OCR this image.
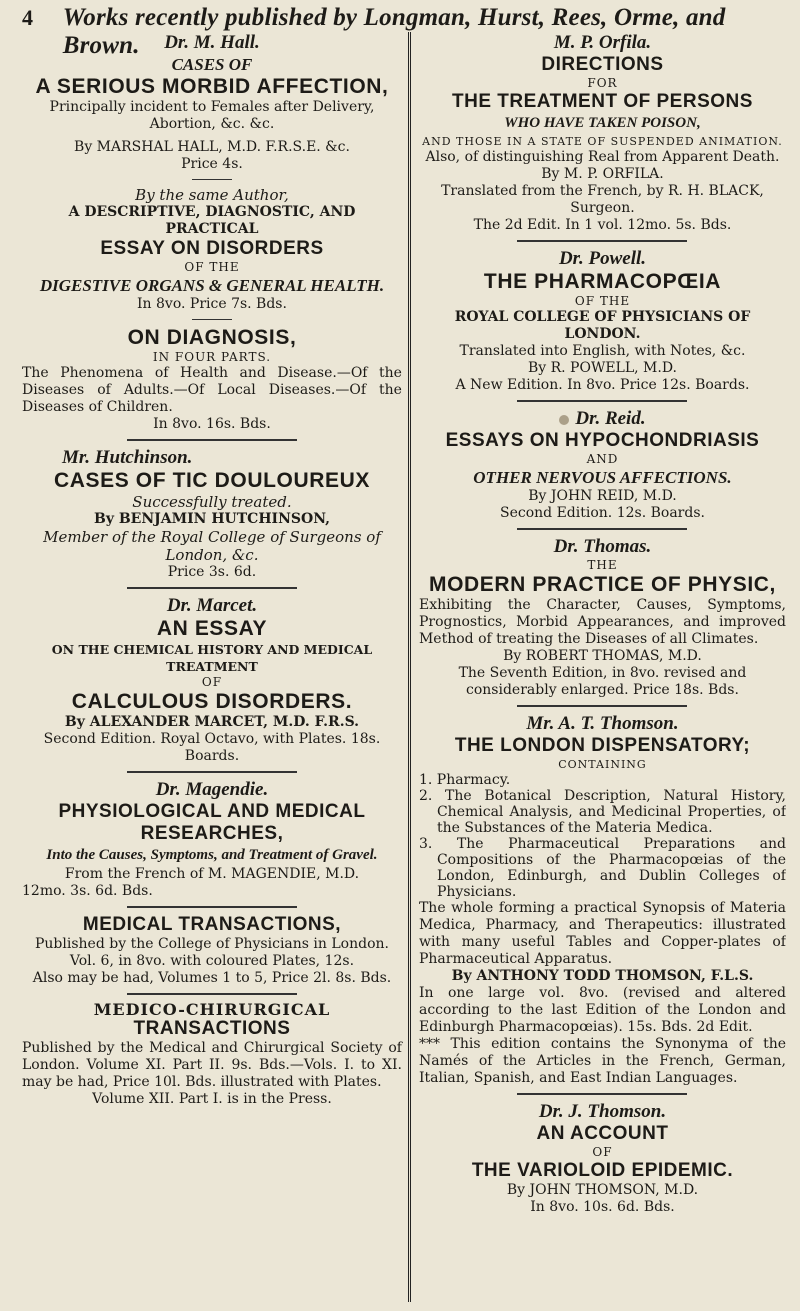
4	Works recently published by Longman, Hurst, Rees, Orme, and Brown.	Dr. M. Hall.

CASES OF

A SERIOUS MORBID AFFECTION,

Principally incident to Females after Delivery, Abortion, &c. &c.

By MARSHAL HALL, M.D. F.R.S.E. &c.

Price 4s.

By the same Author,

A DESCRIPTIVE, DIAGNOSTIC, AND PRACTICAL

ESSAY ON DISORDERS

OF THE

DIGESTIVE ORGANS & GENERAL HEALTH.

In 8vo. Price 7s. Bds.

ON DIAGNOSIS,

IN FOUR PARTS.

The Phenomena of Health and Disease.—Of the Diseases of Adults.—Of Local Diseases.—Of the Diseases of Children.

In 8vo. 16s. Bds.

Mr. Hutchinson.

CASES OF TIC DOULOUREUX

Successfully treated.

By BENJAMIN HUTCHINSON,

Member of the Royal College of Surgeons of London, &c.

Price 3s. 6d.

Dr. Marcet.

AN ESSAY

ON THE CHEMICAL HISTORY AND MEDICAL TREATMENT

OF

CALCULOUS DISORDERS.

By ALEXANDER MARCET, M.D. F.R.S.

Second Edition. Royal Octavo, with Plates. 18s. Boards.

Dr. Magendie.

PHYSIOLOGICAL AND MEDICAL

RESEARCHES,

Into the Causes, Symptoms, and Treatment of Gravel.

From the French of M. MAGENDIE, M.D.

12mo. 3s. 6d. Bds.

MEDICAL TRANSACTIONS,

Published by the College of Physicians in London.

Vol. 6, in 8vo. with coloured Plates, 12s.

Also may be had, Volumes 1 to 5, Price 2l. 8s. Bds.

MEDICO-CHIRURGICAL

TRANSACTIONS

Published by the Medical and Chirurgical Society of London. Volume XI. Part II. 9s. Bds.—Vols. I. to XI. may be had, Price 10l. Bds. illustrated with Plates.

Volume XII. Part I. is in the Press.

M. P. Orfila.

DIRECTIONS

FOR

THE TREATMENT OF PERSONS

WHO HAVE TAKEN POISON,

AND THOSE IN A STATE OF SUSPENDED ANIMATION.

Also, of distinguishing Real from Apparent Death.

By M. P. ORFILA.

Translated from the French, by R. H. BLACK, Surgeon.

The 2d Edit. In 1 vol. 12mo. 5s. Bds.

Dr. Powell.

THE PHARMACOPŒIA

OF THE

ROYAL COLLEGE OF PHYSICIANS OF LONDON.

Translated into English, with Notes, &c.

By R. POWELL, M.D.

A New Edition. In 8vo. Price 12s. Boards.

Dr. Reid.

ESSAYS ON HYPOCHONDRIASIS

AND

OTHER NERVOUS AFFECTIONS.

By JOHN REID, M.D.

Second Edition. 12s. Boards.

Dr. Thomas.

THE

MODERN PRACTICE OF PHYSIC,

Exhibiting the Character, Causes, Symptoms, Prognostics, Morbid Appearances, and improved Method of treating the Diseases of all Climates.

By ROBERT THOMAS, M.D.

The Seventh Edition, in 8vo. revised and considerably enlarged. Price 18s. Bds.

Mr. A. T. Thomson.

THE LONDON DISPENSATORY;

CONTAINING

1. Pharmacy.

2. The Botanical Description, Natural History, Chemical Analysis, and Medicinal Properties, of the Substances of the Materia Medica.

3. The Pharmaceutical Preparations and Compositions of the Pharmacopœias of the London, Edinburgh, and Dublin Colleges of Physicians.

The whole forming a practical Synopsis of Materia Medica, Pharmacy, and Therapeutics: illustrated with many useful Tables and Copper-plates of Pharmaceutical Apparatus.

By ANTHONY TODD THOMSON, F.L.S.

In one large vol. 8vo. (revised and altered according to the last Edition of the London and Edinburgh Pharmacopœias). 15s. Bds. 2d Edit.

*** This edition contains the Synonyma of the Namés of the Articles in the French, German, Italian, Spanish, and East Indian Languages.

Dr. J. Thomson.

AN ACCOUNT

OF

THE VARIOLOID EPIDEMIC.

By JOHN THOMSON, M.D.

In 8vo. 10s. 6d. Bds.
